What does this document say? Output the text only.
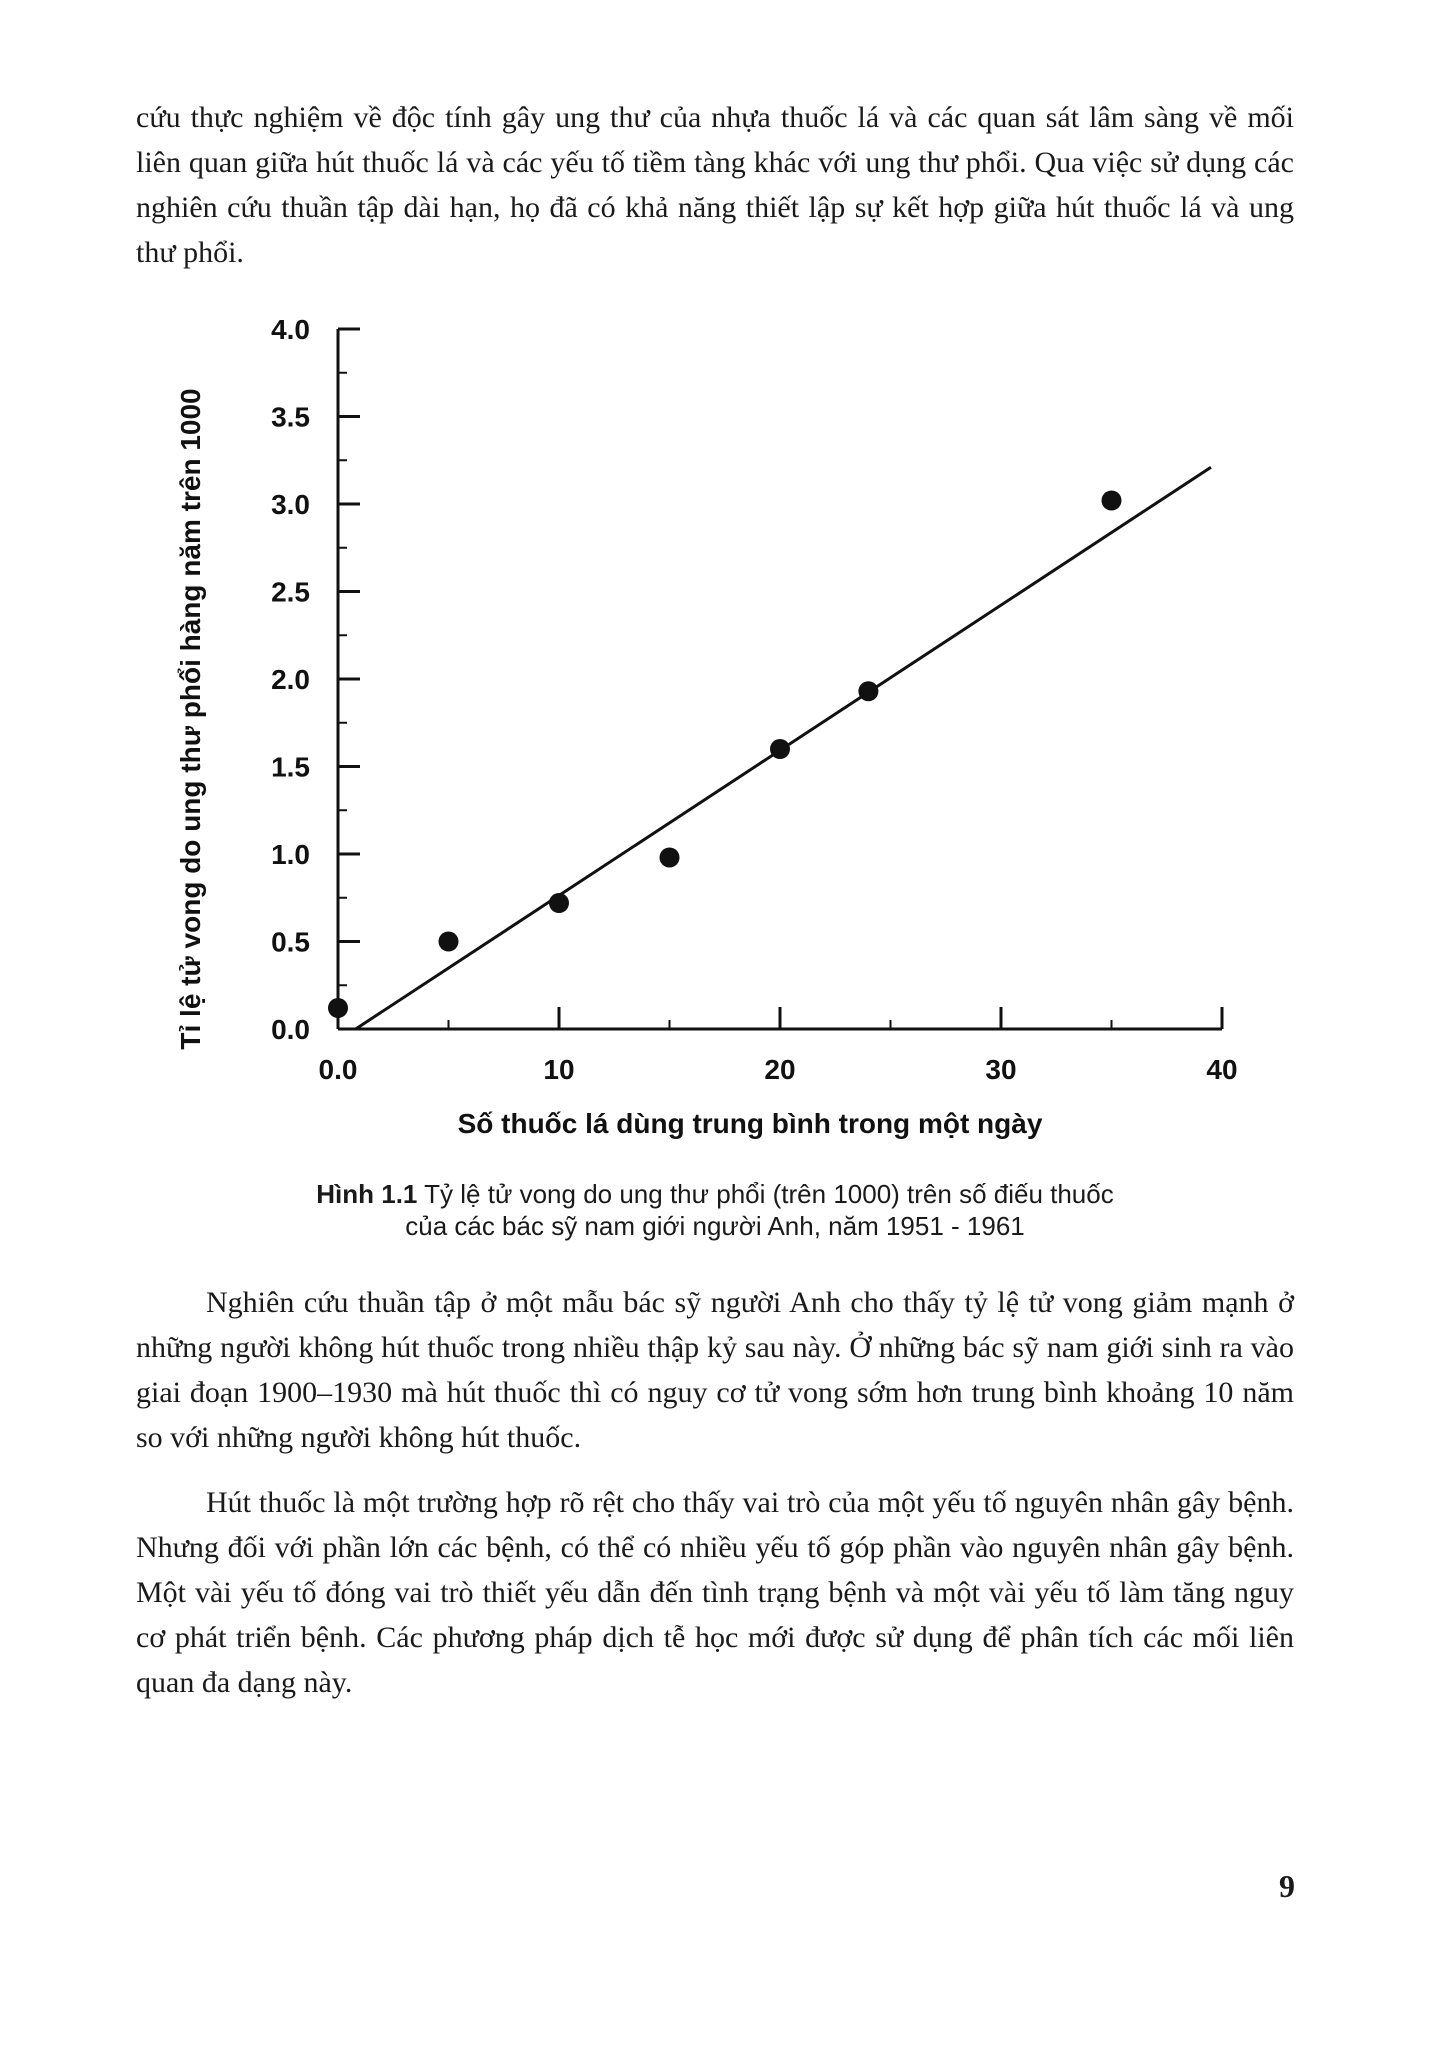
cứu thực nghiệm về độc tính gây ung thư của nhựa thuốc lá và các quan sát lâm sàng về mối liên quan giữa hút thuốc lá và các yếu tố tiềm tàng khác với ung thư phổi. Qua việc sử dụng các nghiên cứu thuần tập dài hạn, họ đã có khả năng thiết lập sự kết hợp giữa hút thuốc lá và ung thư phổi.

0.0
0.5
1.0
1.5
2.0
2.5
3.0
3.5
4.0
0.0	10	20	30	40
Số thuốc lá dùng trung bình trong một ngày
Tỉ lệ tử vong do ung thư phổi hàng năm trên 1000
Hình 1.1 Tỷ lệ tử vong do ung thư phổi (trên 1000) trên số điếu thuốc
của các bác sỹ nam giới người Anh, năm 1951 - 1961

Nghiên cứu thuần tập ở một mẫu bác sỹ người Anh cho thấy tỷ lệ tử vong giảm mạnh ở những người không hút thuốc trong nhiều thập kỷ sau này. Ở những bác sỹ nam giới sinh ra vào giai đoạn 1900–1930 mà hút thuốc thì có nguy cơ tử vong sớm hơn trung bình khoảng 10 năm so với những người không hút thuốc.

Hút thuốc là một trường hợp rõ rệt cho thấy vai trò của một yếu tố nguyên nhân gây bệnh. Nhưng đối với phần lớn các bệnh, có thể có nhiều yếu tố góp phần vào nguyên nhân gây bệnh. Một vài yếu tố đóng vai trò thiết yếu dẫn đến tình trạng bệnh và một vài yếu tố làm tăng nguy cơ phát triển bệnh. Các phương pháp dịch tễ học mới được sử dụng để phân tích các mối liên quan đa dạng này.

9
